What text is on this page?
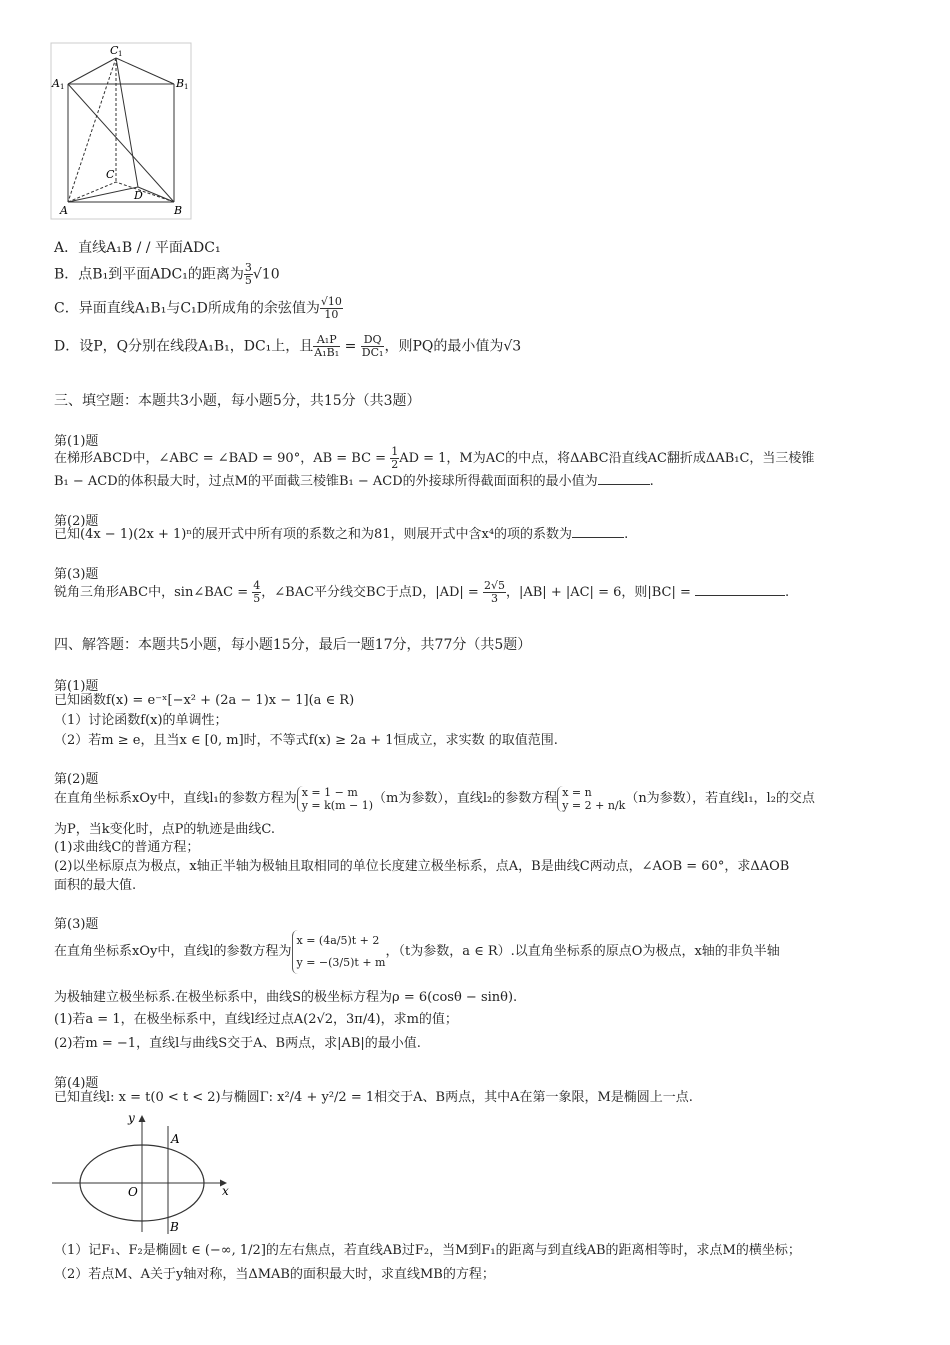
C 1
A 1	B 1
C
D
A	B
A．直线A₁B / / 平面ADC₁
B．点B₁到平面ADC₁的距离为 $\frac{3}{5} √10$
C．异面直线A₁B₁与C₁D所成角的余弦值为 $\frac{√10}{10}$
D．设P，Q分别在线段A₁B₁，DC₁上，且 $\frac{\text{A₁P}}{\text{A₁B₁}} = \frac{DQ}{\text{DC₁}}$ ，则PQ的最小值为√3
三、填空题：本题共3小题，每小题5分，共15分（共3题）
第(1)题
在梯形ABCD中，∠ABC = ∠BAD = 90°，AB = BC = $\frac{1}{2}$ AD = 1，M为AC的中点，将ΔABC沿直线AC翻折成ΔAB₁C，当三棱锥
B₁ − ACD的体积最大时，过点M的平面截三棱锥B₁ − ACD的外接球所得截面面积的最小值为	.
第(2)题
已知(4x − 1)(2x + 1)ⁿ的展开式中所有项的系数之和为81，则展开式中含x⁴的项的系数为	.
第(3)题
锐角三角形ABC中，sin∠BAC = $\frac{4}{5}$ ，∠BAC平分线交BC于点D，$|AD| = \frac{2√5}{3}$ ，|AB| + |AC| = 6，则|BC| =	.
四、解答题：本题共5小题，每小题15分，最后一题17分，共77分（共5题）
第(1)题
已知函数f(x) = e⁻ˣ[−x² + (2a − 1)x − 1](a ∈ R)
（1）讨论函数f(x)的单调性；
（2）若m ≥ e，且当x ∈ [0, m]时，不等式f(x) ≥ 2a + 1恒成立，求实数 的取值范围.
第(2)题
在直角坐标系xOy中，直线l₁的参数方程为 x = 1 − m
y = k(m − 1) （m为参数），直线l₂的参数方程 x = n
y = 2 + n/k （n为参数），若直线l₁，l₂的交点
为P，当k变化时，点P的轨迹是曲线C.
(1)求曲线C的普通方程；
(2)以坐标原点为极点，x轴正半轴为极轴且取相同的单位长度建立极坐标系，点A，B是曲线C两动点，∠AOB = 60°，求ΔAOB
面积的最大值.
第(3)题
在直角坐标系xOy中，直线l的参数方程为
x = (4a/5)t + 2
y = −(3/5)t + m
，（t为参数，a ∈ R）.以直角坐标系的原点O为极点，x轴的非负半轴
为极轴建立极坐标系.在极坐标系中，曲线S的极坐标方程为ρ = 6(cosθ − sinθ).
(1)若a = 1，在极坐标系中，直线l经过点A(2√2，3π/4)，求m的值；
(2)若m = −1，直线l与曲线S交于A、B两点，求|AB|的最小值.
第(4)题
已知直线l: x = t(0 < t < 2)与椭圆Γ: x²/4 + y²/2 = 1相交于A、B两点，其中A在第一象限，M是椭圆上一点.
y
x
O
A
B
（1）记F₁、F₂是椭圆t ∈ (−∞, 1/2]的左右焦点，若直线AB过F₂，当M到F₁的距离与到直线AB的距离相等时，求点M的横坐标；
（2）若点M、A关于y轴对称，当ΔMAB的面积最大时，求直线MB的方程；
